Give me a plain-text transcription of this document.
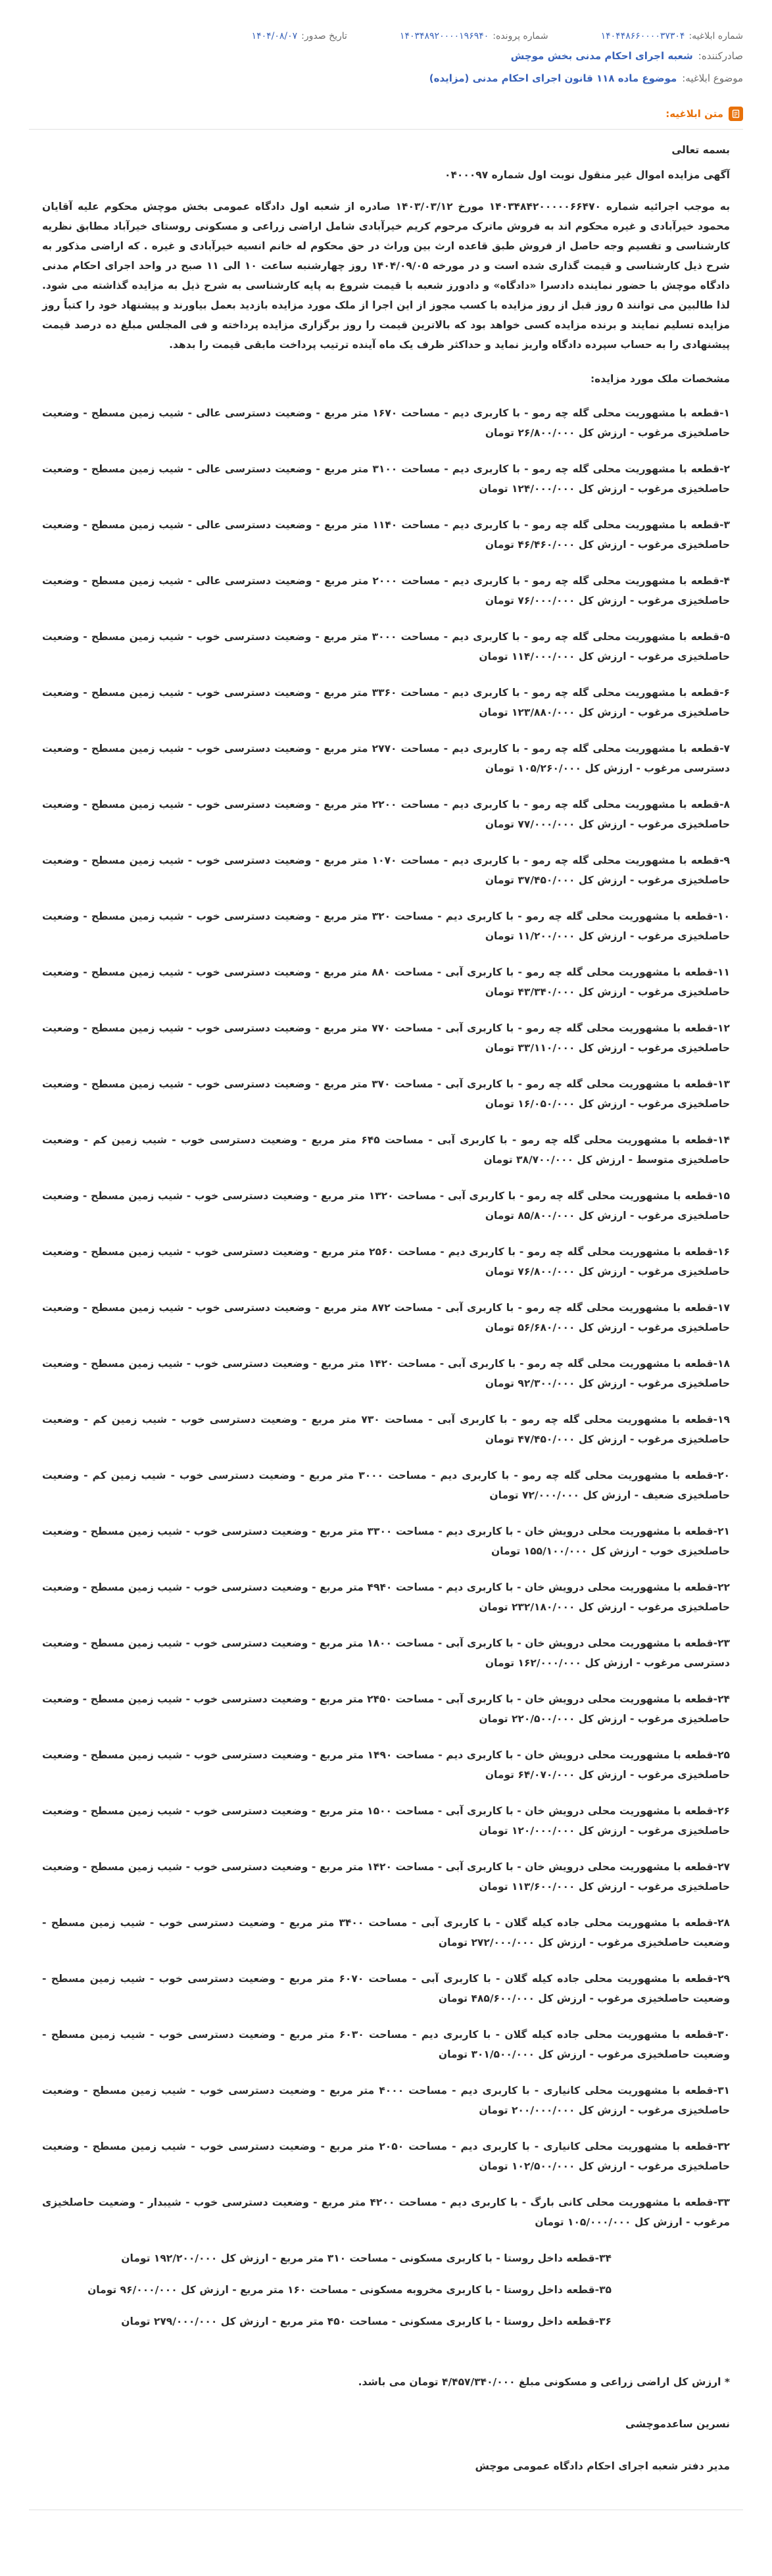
شماره ابلاغیه:
۱۴۰۴۴۸۶۶۰۰۰۰۳۷۳۰۴
شماره پرونده:
۱۴۰۳۴۸۹۲۰۰۰۰۱۹۶۹۴۰
تاریخ صدور:
۱۴۰۴/۰۸/۰۷
صادرکننده:
شعبه اجرای احکام مدنی بخش موچش
موضوع ابلاغیه:
موضوع ماده ۱۱۸ قانون اجرای احکام مدنی (مزایده)
متن ابلاغیه:

بسمه تعالی

آگهی مزایده اموال غیر منقول نوبت اول شماره ۰۴۰۰۰۹۷

به موجب اجرائیه شماره ۱۴۰۳۴۸۴۲۰۰۰۰۰۶۶۴۷۰ مورخ ۱۴۰۳/۰۳/۱۲ صادره از شعبه اول دادگاه عمومی بخش موچش محکوم علیه آقایان محمود خیرآبادی و غیره محکوم اند به فروش ماترک مرحوم کریم خیرآبادی شامل اراضی زراعی و مسکونی روستای خیرآباد مطابق نظریه کارشناسی و تقسیم وجه حاصل از فروش طبق قاعده ارث بین وراث در حق محکوم له خانم انسیه خیرآبادی و غیره . که اراضی مذکور به شرح ذیل کارشناسی و قیمت گذاری شده است و در مورخه ۱۴۰۴/۰۹/۰۵ روز چهارشنبه ساعت ۱۰ الی ۱۱ صبح در واحد اجرای احکام مدنی دادگاه موچش با حضور نماینده دادسرا «دادگاه» و دادورز شعبه با قیمت شروع به پایه کارشناسی به شرح ذیل به مزایده گذاشته می شود. لذا طالبین می توانند ۵ روز قبل از روز مزایده با کسب مجوز از این اجرا از ملک مورد مزایده بازدید بعمل بیاورند و پیشنهاد خود را کتباً روز مزایده تسلیم نمایند و برنده مزایده کسی خواهد بود که بالاترین قیمت را روز برگزاری مزایده پرداخته و فی المجلس مبلغ ده درصد قیمت پیشنهادی را به حساب سپرده دادگاه واریز نماید و حداکثر ظرف یک ماه آینده ترتیب پرداخت مابقی قیمت را بدهد.

مشخصات ملک مورد مزایده:

۱-قطعه با مشهوریت محلی گله چه رمو - با کاربری دیم - مساحت ۱۶۷۰ متر مربع - وضعیت دسترسی عالی - شیب زمین مسطح - وضعیت حاصلخیزی مرغوب - ارزش کل ۲۶/۸۰۰/۰۰۰ تومان

۲-قطعه با مشهوریت محلی گله چه رمو - با کاربری دیم - مساحت ۳۱۰۰ متر مربع - وضعیت دسترسی عالی - شیب زمین مسطح - وضعیت حاصلخیزی مرغوب - ارزش کل ۱۲۴/۰۰۰/۰۰۰ تومان

۳-قطعه با مشهوریت محلی گله چه رمو - با کاربری دیم - مساحت ۱۱۴۰ متر مربع - وضعیت دسترسی عالی - شیب زمین مسطح - وضعیت حاصلخیزی مرغوب - ارزش کل ۴۶/۴۶۰/۰۰۰ تومان

۴-قطعه با مشهوریت محلی گله چه رمو - با کاربری دیم - مساحت ۲۰۰۰ متر مربع - وضعیت دسترسی عالی - شیب زمین مسطح - وضعیت حاصلخیزی مرغوب - ارزش کل ۷۶/۰۰۰/۰۰۰ تومان

۵-قطعه با مشهوریت محلی گله چه رمو - با کاربری دیم - مساحت ۳۰۰۰ متر مربع - وضعیت دسترسی خوب - شیب زمین مسطح - وضعیت حاصلخیزی مرغوب - ارزش کل ۱۱۴/۰۰۰/۰۰۰ تومان

۶-قطعه با مشهوریت محلی گله چه رمو - با کاربری دیم - مساحت ۳۳۶۰ متر مربع - وضعیت دسترسی خوب - شیب زمین مسطح - وضعیت حاصلخیزی مرغوب - ارزش کل ۱۲۳/۸۸۰/۰۰۰ تومان

۷-قطعه با مشهوریت محلی گله چه رمو - با کاربری دیم - مساحت ۲۷۷۰ متر مربع - وضعیت دسترسی خوب - شیب زمین مسطح - وضعیت دسترسی مرغوب - ارزش کل ۱۰۵/۲۶۰/۰۰۰ تومان

۸-قطعه با مشهوریت محلی گله چه رمو - با کاربری دیم - مساحت ۲۲۰۰ متر مربع - وضعیت دسترسی خوب - شیب زمین مسطح - وضعیت حاصلخیزی مرغوب - ارزش کل ۷۷/۰۰۰/۰۰۰ تومان

۹-قطعه با مشهوریت محلی گله چه رمو - با کاربری دیم - مساحت ۱۰۷۰ متر مربع - وضعیت دسترسی خوب - شیب زمین مسطح - وضعیت حاصلخیزی مرغوب - ارزش کل ۳۷/۴۵۰/۰۰۰ تومان

۱۰-قطعه با مشهوریت محلی گله چه رمو - با کاربری دیم - مساحت ۳۲۰ متر مربع - وضعیت دسترسی خوب - شیب زمین مسطح - وضعیت حاصلخیزی مرغوب - ارزش کل ۱۱/۲۰۰/۰۰۰ تومان

۱۱-قطعه با مشهوریت محلی گله چه رمو - با کاربری آبی - مساحت ۸۸۰ متر مربع - وضعیت دسترسی خوب - شیب زمین مسطح - وضعیت حاصلخیزی مرغوب - ارزش کل ۴۳/۳۴۰/۰۰۰ تومان

۱۲-قطعه با مشهوریت محلی گله چه رمو - با کاربری آبی - مساحت ۷۷۰ متر مربع - وضعیت دسترسی خوب - شیب زمین مسطح - وضعیت حاصلخیزی مرغوب - ارزش کل ۳۳/۱۱۰/۰۰۰ تومان

۱۳-قطعه با مشهوریت محلی گله چه رمو - با کاربری آبی - مساحت ۳۷۰ متر مربع - وضعیت دسترسی خوب - شیب زمین مسطح - وضعیت حاصلخیزی مرغوب - ارزش کل ۱۶/۰۵۰/۰۰۰ تومان

۱۴-قطعه با مشهوریت محلی گله چه رمو - با کاربری آبی - مساحت ۶۴۵ متر مربع - وضعیت دسترسی خوب - شیب زمین کم - وضعیت حاصلخیزی متوسط - ارزش کل ۳۸/۷۰۰/۰۰۰ تومان

۱۵-قطعه با مشهوریت محلی گله چه رمو - با کاربری آبی - مساحت ۱۳۲۰ متر مربع - وضعیت دسترسی خوب - شیب زمین مسطح - وضعیت حاصلخیزی مرغوب - ارزش کل ۸۵/۸۰۰/۰۰۰ تومان

۱۶-قطعه با مشهوریت محلی گله چه رمو - با کاربری دیم - مساحت ۲۵۶۰ متر مربع - وضعیت دسترسی خوب - شیب زمین مسطح - وضعیت حاصلخیزی مرغوب - ارزش کل ۷۶/۸۰۰/۰۰۰ تومان

۱۷-قطعه با مشهوریت محلی گله چه رمو - با کاربری آبی - مساحت ۸۷۲ متر مربع - وضعیت دسترسی خوب - شیب زمین مسطح - وضعیت حاصلخیزی مرغوب - ارزش کل ۵۶/۶۸۰/۰۰۰ تومان

۱۸-قطعه با مشهوریت محلی گله چه رمو - با کاربری آبی - مساحت ۱۴۲۰ متر مربع - وضعیت دسترسی خوب - شیب زمین مسطح - وضعیت حاصلخیزی مرغوب - ارزش کل ۹۲/۳۰۰/۰۰۰ تومان

۱۹-قطعه با مشهوریت محلی گله چه رمو - با کاربری آبی - مساحت ۷۳۰ متر مربع - وضعیت دسترسی خوب - شیب زمین کم - وضعیت حاصلخیزی مرغوب - ارزش کل ۴۷/۴۵۰/۰۰۰ تومان

۲۰-قطعه با مشهوریت محلی گله چه رمو - با کاربری دیم - مساحت ۳۰۰۰ متر مربع - وضعیت دسترسی خوب - شیب زمین کم - وضعیت حاصلخیزی ضعیف - ارزش کل ۷۲/۰۰۰/۰۰۰ تومان

۲۱-قطعه با مشهوریت محلی درویش خان - با کاربری دیم - مساحت ۳۳۰۰ متر مربع - وضعیت دسترسی خوب - شیب زمین مسطح - وضعیت حاصلخیزی خوب - ارزش کل ۱۵۵/۱۰۰/۰۰۰ تومان

۲۲-قطعه با مشهوریت محلی درویش خان - با کاربری دیم - مساحت ۴۹۴۰ متر مربع - وضعیت دسترسی خوب - شیب زمین مسطح - وضعیت حاصلخیزی مرغوب - ارزش کل ۲۳۲/۱۸۰/۰۰۰ تومان

۲۳-قطعه با مشهوریت محلی درویش خان - با کاربری آبی - مساحت ۱۸۰۰ متر مربع - وضعیت دسترسی خوب - شیب زمین مسطح - وضعیت دسترسی مرغوب - ارزش کل ۱۶۲/۰۰۰/۰۰۰ تومان

۲۴-قطعه با مشهوریت محلی درویش خان - با کاربری آبی - مساحت ۲۴۵۰ متر مربع - وضعیت دسترسی خوب - شیب زمین مسطح - وضعیت حاصلخیزی مرغوب - ارزش کل ۲۲۰/۵۰۰/۰۰۰ تومان

۲۵-قطعه با مشهوریت محلی درویش خان - با کاربری دیم - مساحت ۱۴۹۰ متر مربع - وضعیت دسترسی خوب - شیب زمین مسطح - وضعیت حاصلخیزی مرغوب - ارزش کل ۶۴/۰۷۰/۰۰۰ تومان

۲۶-قطعه با مشهوریت محلی درویش خان - با کاربری آبی - مساحت ۱۵۰۰ متر مربع - وضعیت دسترسی خوب - شیب زمین مسطح - وضعیت حاصلخیزی مرغوب - ارزش کل ۱۲۰/۰۰۰/۰۰۰ تومان

۲۷-قطعه با مشهوریت محلی درویش خان - با کاربری آبی - مساحت ۱۴۲۰ متر مربع - وضعیت دسترسی خوب - شیب زمین مسطح - وضعیت حاصلخیزی مرغوب - ارزش کل ۱۱۳/۶۰۰/۰۰۰ تومان

۲۸-قطعه با مشهوریت محلی جاده کیله گلان - با کاربری آبی - مساحت ۳۴۰۰ متر مربع - وضعیت دسترسی خوب - شیب زمین مسطح - وضعیت حاصلخیزی مرغوب - ارزش کل ۲۷۲/۰۰۰/۰۰۰ تومان

۲۹-قطعه با مشهوریت محلی جاده کیله گلان - با کاربری آبی - مساحت ۶۰۷۰ متر مربع - وضعیت دسترسی خوب - شیب زمین مسطح - وضعیت حاصلخیزی مرغوب - ارزش کل ۴۸۵/۶۰۰/۰۰۰ تومان

۳۰-قطعه با مشهوریت محلی جاده کیله گلان - با کاربری دیم - مساحت ۶۰۳۰ متر مربع - وضعیت دسترسی خوب - شیب زمین مسطح - وضعیت حاصلخیزی مرغوب - ارزش کل ۳۰۱/۵۰۰/۰۰۰ تومان

۳۱-قطعه با مشهوریت محلی کانیاری - با کاربری دیم - مساحت ۴۰۰۰ متر مربع - وضعیت دسترسی خوب - شیب زمین مسطح - وضعیت حاصلخیزی مرغوب - ارزش کل ۲۰۰/۰۰۰/۰۰۰ تومان

۳۲-قطعه با مشهوریت محلی کانیاری - با کاربری دیم - مساحت ۲۰۵۰ متر مربع - وضعیت دسترسی خوب - شیب زمین مسطح - وضعیت حاصلخیزی مرغوب - ارزش کل ۱۰۲/۵۰۰/۰۰۰ تومان

۳۳-قطعه با مشهوریت محلی کانی بارگ - با کاربری دیم - مساحت ۴۲۰۰ متر مربع - وضعیت دسترسی خوب - شیبدار - وضعیت حاصلخیزی مرغوب - ارزش کل ۱۰۵/۰۰۰/۰۰۰ تومان

۳۴-قطعه داخل روستا - با کاربری مسکونی - مساحت ۳۱۰ متر مربع - ارزش کل ۱۹۲/۲۰۰/۰۰۰ تومان

۳۵-قطعه داخل روستا - با کاربری مخروبه مسکونی - مساحت ۱۶۰ متر مربع - ارزش کل ۹۶/۰۰۰/۰۰۰ تومان

۳۶-قطعه داخل روستا - با کاربری مسکونی - مساحت ۴۵۰ متر مربع - ارزش کل ۲۷۹/۰۰۰/۰۰۰ تومان

* ارزش کل اراضی زراعی و مسکونی مبلغ ۴/۴۵۷/۳۴۰/۰۰۰ تومان می باشد.

نسرین ساعدموچشی

مدیر دفتر شعبه اجرای احکام دادگاه عمومی موچش
